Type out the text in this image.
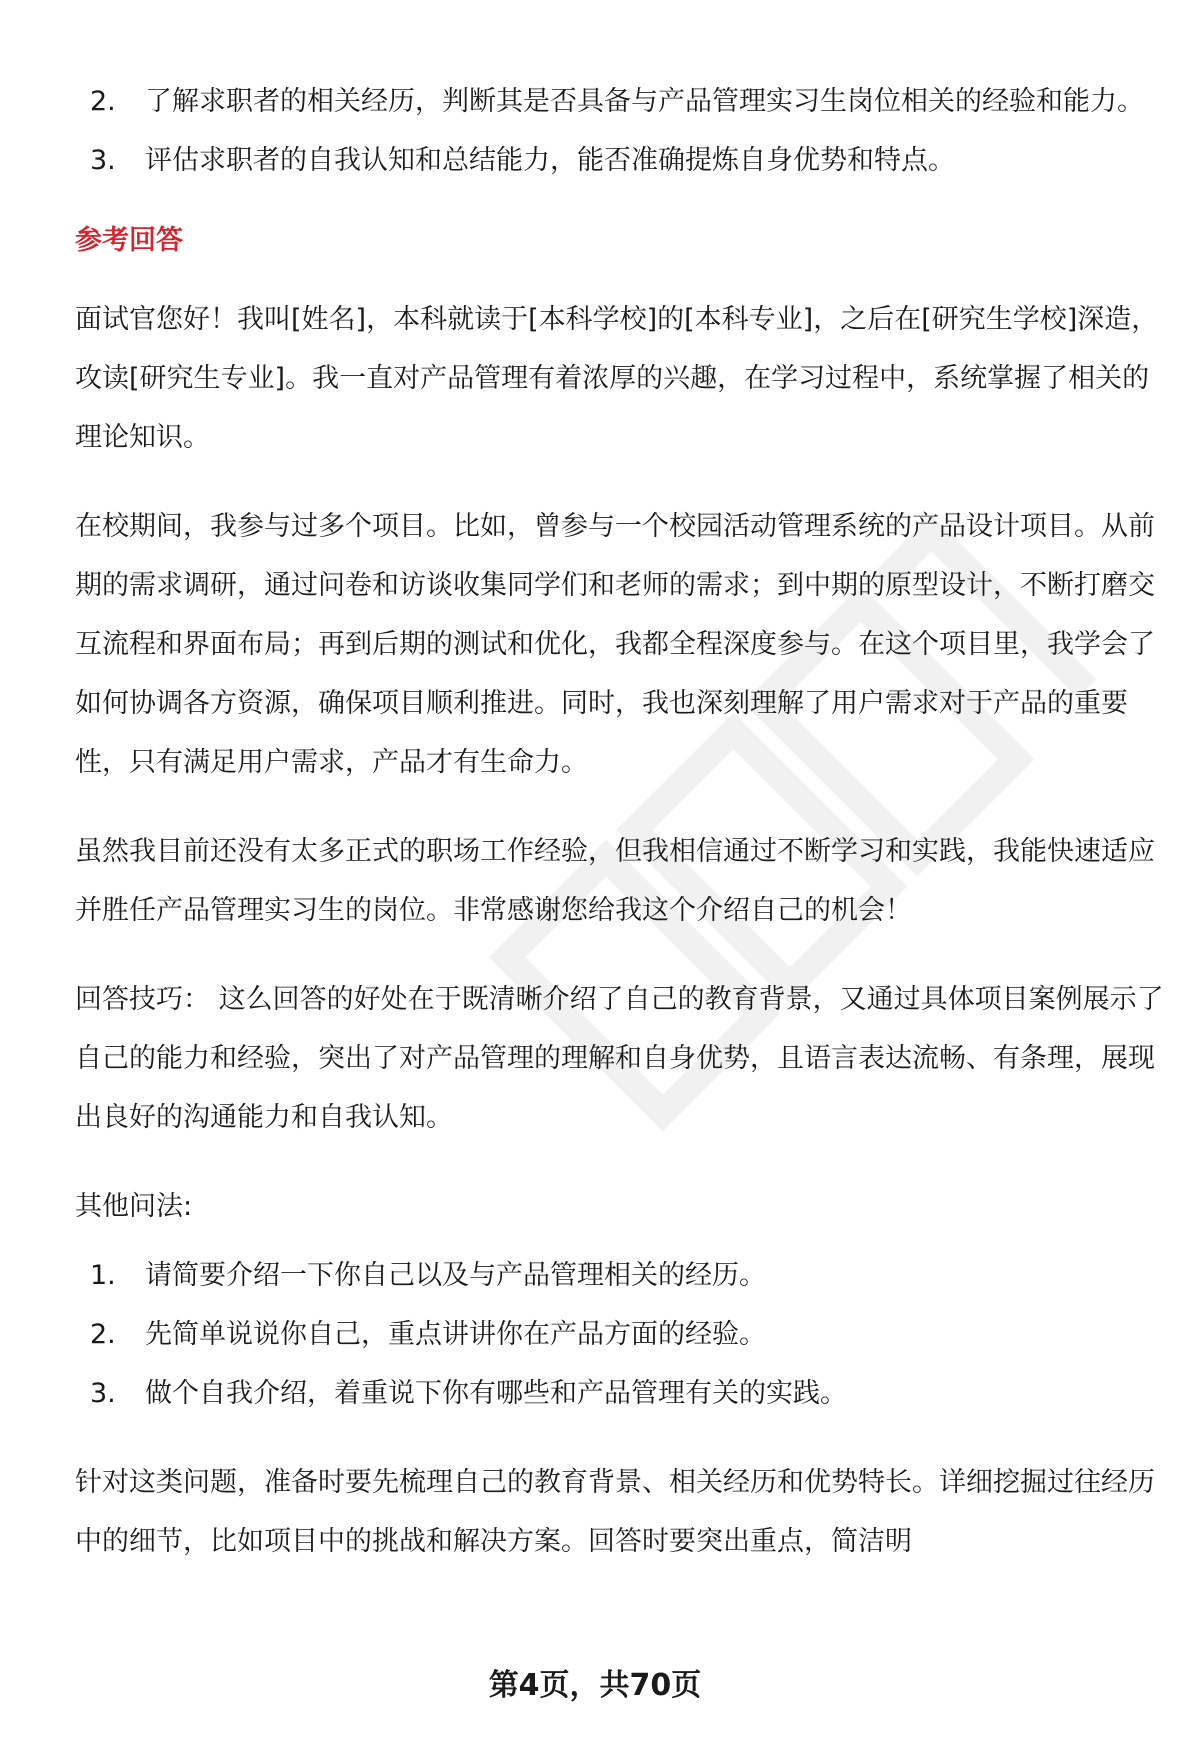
2.	了解求职者的相关经历，判断其是否具备与产品管理实习生岗位相关的经验和能力。
3.	评估求职者的自我认知和总结能力，能否准确提炼自身优势和特点。

参考回答

面试官您好！我叫[姓名]，本科就读于[本科学校]的[本科专业]，之后在[研究生学校]深造，攻读[研究生专业]。我一直对产品管理有着浓厚的兴趣，在学习过程中，系统掌握了相关的理论知识。

在校期间，我参与过多个项目。比如，曾参与一个校园活动管理系统的产品设计项目。从前期的需求调研，通过问卷和访谈收集同学们和老师的需求；到中期的原型设计，不断打磨交互流程和界面布局；再到后期的测试和优化，我都全程深度参与。在这个项目里，我学会了如何协调各方资源，确保项目顺利推进。同时，我也深刻理解了用户需求对于产品的重要性，只有满足用户需求，产品才有生命力。

虽然我目前还没有太多正式的职场工作经验，但我相信通过不断学习和实践，我能快速适应并胜任产品管理实习生的岗位。非常感谢您给我这个介绍自己的机会！

回答技巧： 这么回答的好处在于既清晰介绍了自己的教育背景，又通过具体项目案例展示了自己的能力和经验，突出了对产品管理的理解和自身优势，且语言表达流畅、有条理，展现出良好的沟通能力和自我认知。

其他问法:

1.	请简要介绍一下你自己以及与产品管理相关的经历。
2.	先简单说说你自己，重点讲讲你在产品方面的经验。
3.	做个自我介绍，着重说下你有哪些和产品管理有关的实践。

针对这类问题，准备时要先梳理自己的教育背景、相关经历和优势特长。详细挖掘过往经历中的细节，比如项目中的挑战和解决方案。回答时要突出重点，简洁明

第4页，共70页
